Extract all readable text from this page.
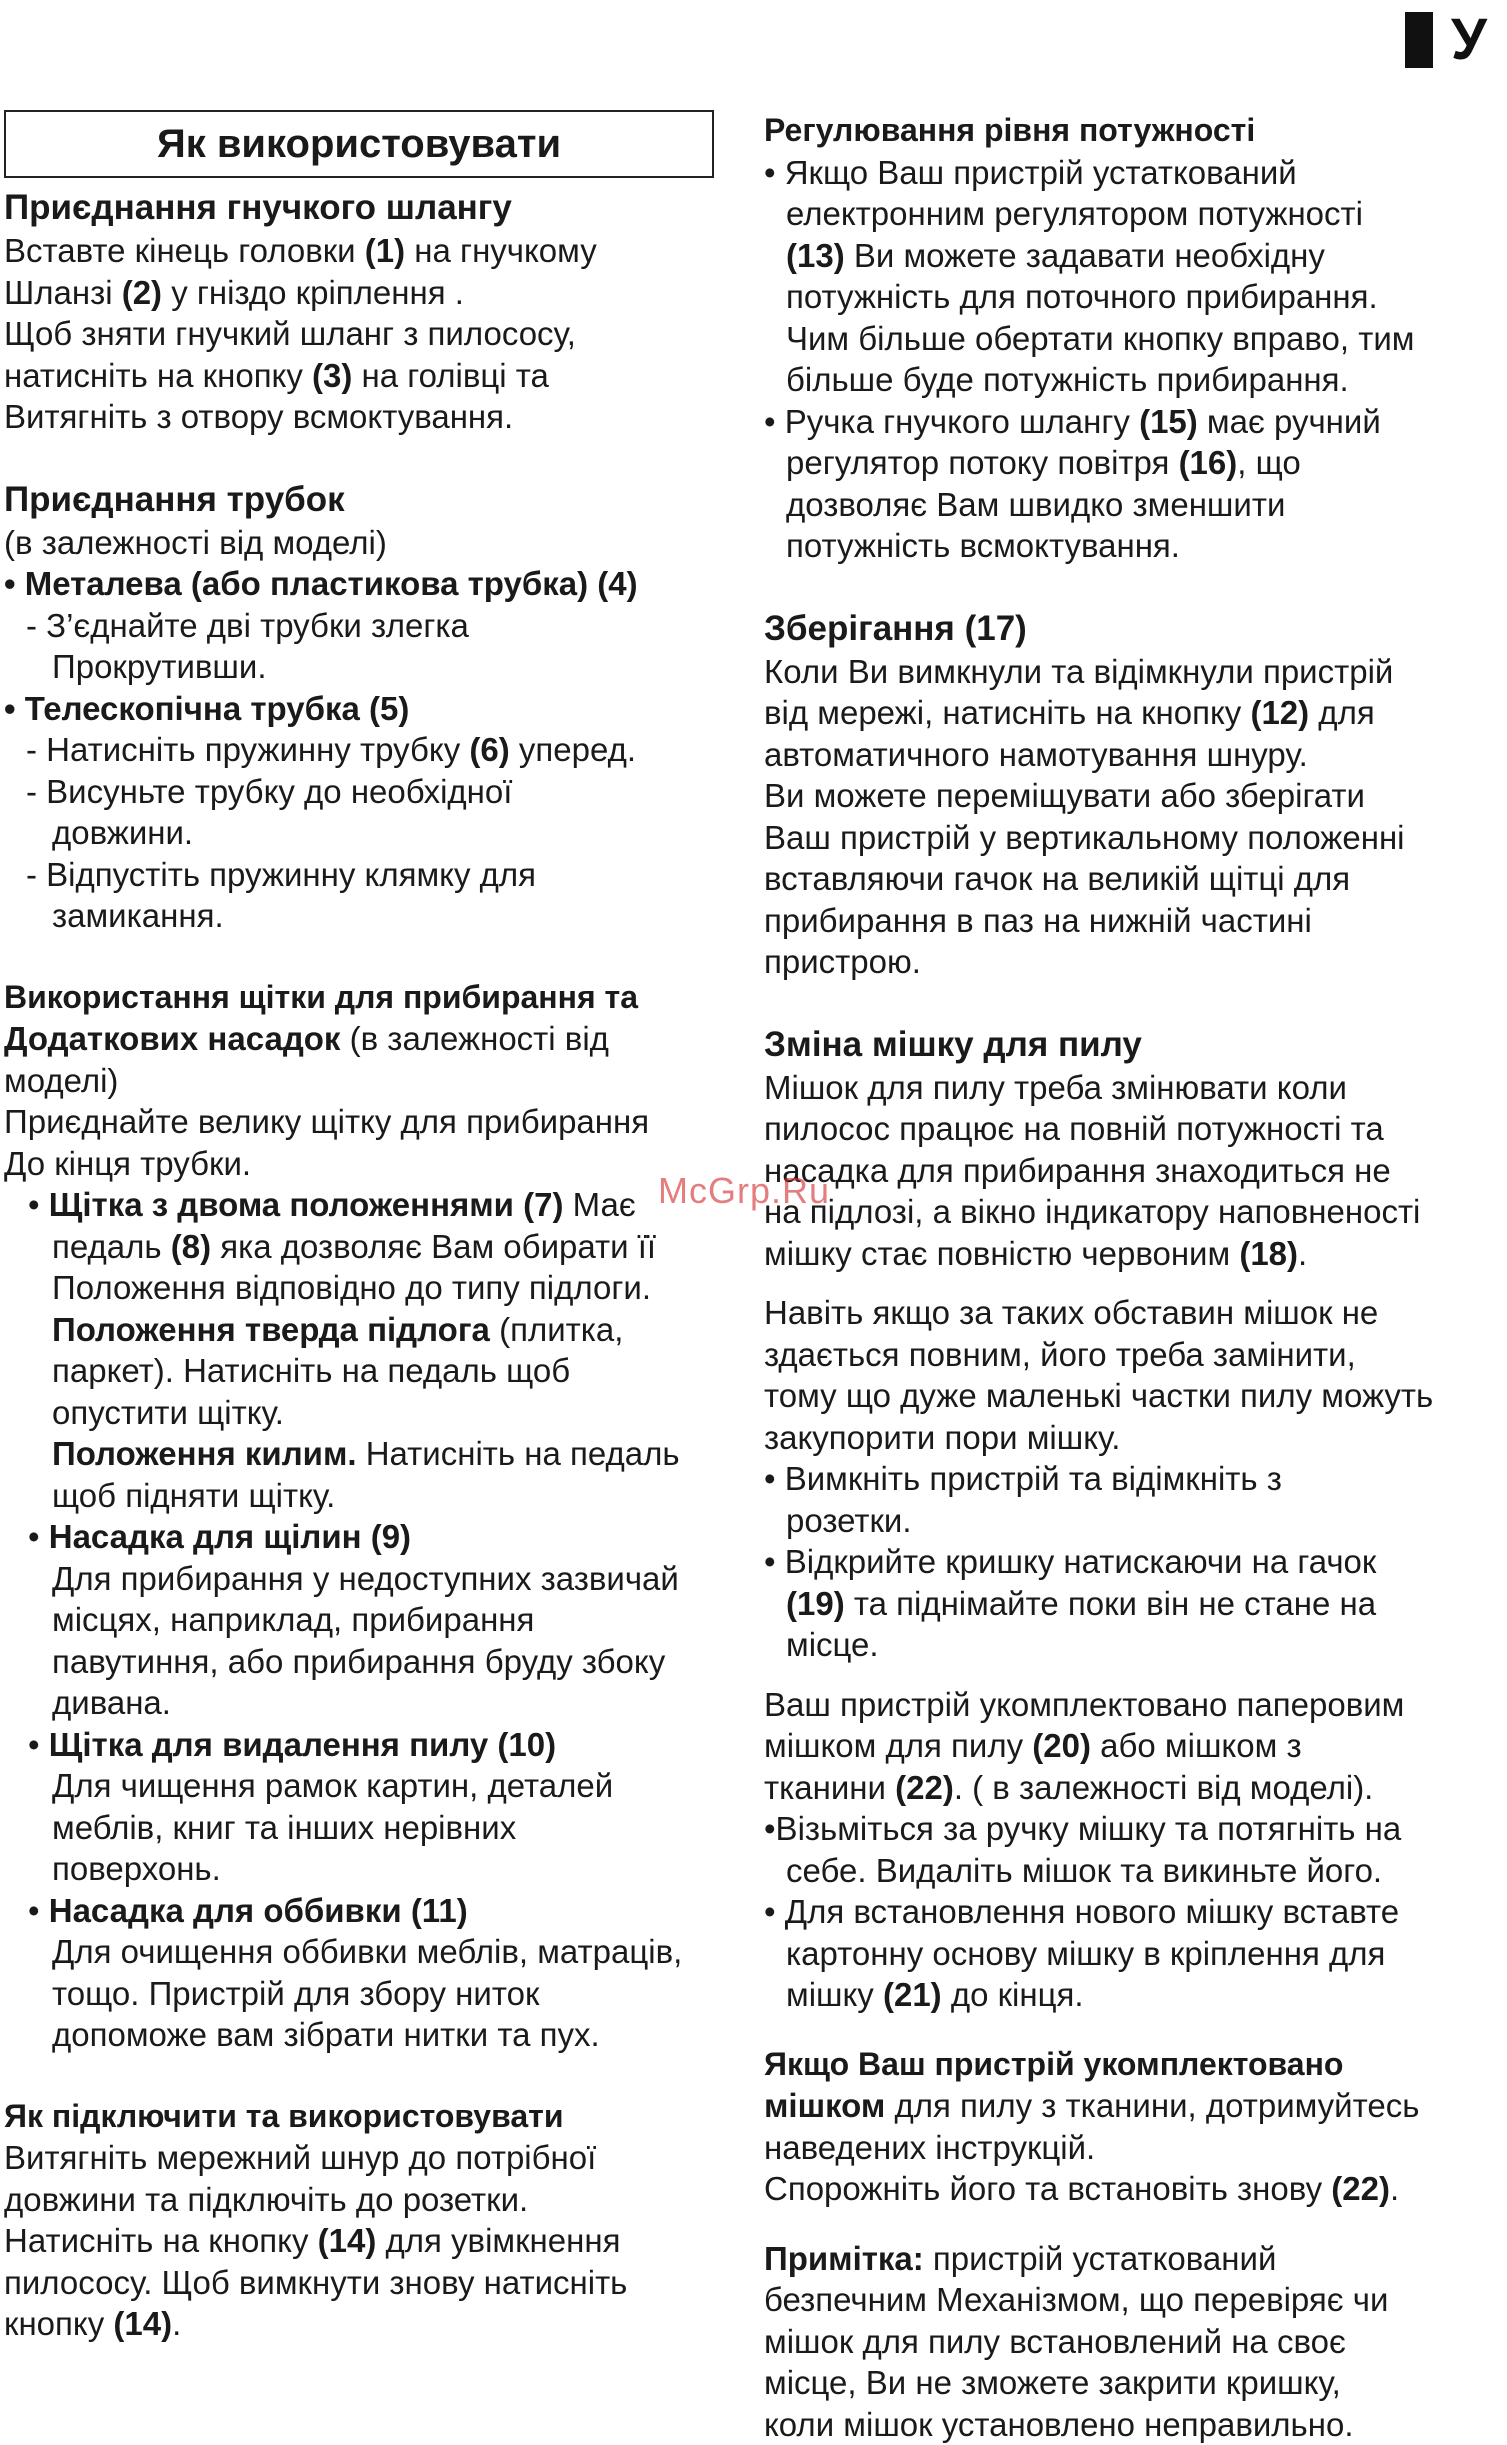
У
Як використовувати

Приєднання гнучкого шлангу

Вставте кінець головки (1) на гнучкому

Шланзі (2) у гніздо кріплення .

Щоб зняти гнучкий шланг з пилососу,

натисніть на кнопку (3) на голівці та

Витягніть з отвору всмоктування.

Приєднання трубок

(в залежності від моделі)

• Металева (або пластикова трубка) (4)

- З’єднайте дві трубки злегка

Прокрутивши.

• Телескопічна трубка (5)

- Натисніть пружинну трубку (6) уперед.

- Висуньте трубку до необхідної

довжини.

- Відпустіть пружинну клямку для

замикання.

Використання щітки для прибирання та

Додаткових насадок (в залежності від

моделі)

Приєднайте велику щітку для прибирання

До кінця трубки.

• Щітка з двома положеннями (7) Має

педаль (8) яка дозволяє Вам обирати її

Положення відповідно до типу підлоги.

Положення тверда підлога (плитка,

паркет). Натисніть на педаль щоб

опустити щітку.

Положення килим. Натисніть на педаль

щоб підняти щітку.

• Насадка для щілин (9)

Для прибирання у недоступних зазвичай

місцях, наприклад, прибирання

павутиння, або прибирання бруду збоку

дивана.

• Щітка для видалення пилу (10)

Для чищення рамок картин, деталей

меблів, книг та інших нерівних

поверхонь.

• Насадка для оббивки (11)

Для очищення оббивки меблів, матраців,

тощо. Пристрій для збору ниток

допоможе вам зібрати нитки та пух.

Як підключити та використовувати

Витягніть мережний шнур до потрібної

довжини та підключіть до розетки.

Натисніть на кнопку (14) для увімкнення

пилососу. Щоб вимкнути знову натисніть

кнопку (14).

Регулювання рівня потужності

• Якщо Ваш пристрій устаткований

електронним регулятором потужності

(13) Ви можете задавати необхідну

потужність для поточного прибирання.

Чим більше обертати кнопку вправо, тим

більше буде потужність прибирання.

• Ручка гнучкого шлангу (15) має ручний

регулятор потоку повітря (16), що

дозволяє Вам швидко зменшити

потужність всмоктування.

Зберігання (17)

Коли Ви вимкнули та відімкнули пристрій

від мережі, натисніть на кнопку (12) для

автоматичного намотування шнуру.

Ви можете переміщувати або зберігати

Ваш пристрій у вертикальному положенні

вставляючи гачок на великій щітці для

прибирання в паз на нижній частині

пристрою.

Зміна мішку для пилу

Мішок для пилу треба змінювати коли

пилосос працює на повній потужності та

насадка для прибирання знаходиться не

на підлозі, а вікно індикатору наповненості

мішку стає повністю червоним (18).

Навіть якщо за таких обставин мішок не

здається повним, його треба замінити,

тому що дуже маленькі частки пилу можуть

закупорити пори мішку.

• Вимкніть пристрій та відімкніть з

розетки.

• Відкрийте кришку натискаючи на гачок

(19) та піднімайте поки він не стане на

місце.

Ваш пристрій укомплектовано паперовим

мішком для пилу (20) або мішком з

тканини (22). ( в залежності від моделі).

•Візьміться за ручку мішку та потягніть на

себе. Видаліть мішок та викиньте його.

• Для встановлення нового мішку вставте

картонну основу мішку в кріплення для

мішку (21) до кінця.

Якщо Ваш пристрій укомплектовано

мішком для пилу з тканини, дотримуйтесь

наведених інструкцій.

Спорожніть його та встановіть знову (22).

Примітка: пристрій устаткований

безпечним Механізмом, що перевіряє чи

мішок для пилу встановлений на своє

місце, Ви не зможете закрити кришку,

коли мішок установлено неправильно.

McGrp.Ru
